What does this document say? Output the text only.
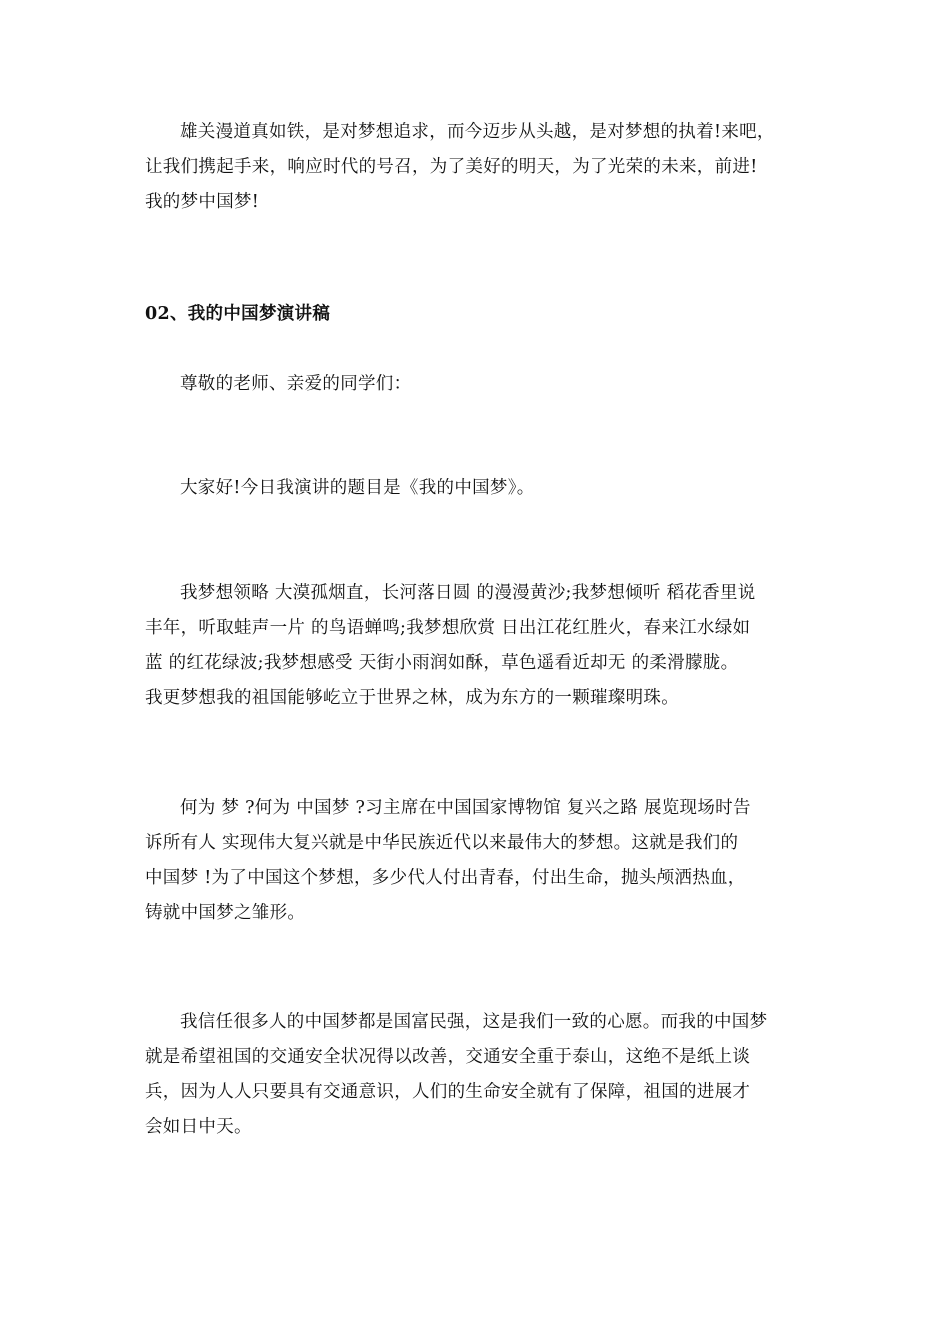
雄关漫道真如铁，是对梦想追求，而今迈步从头越，是对梦想的执着!来吧，
让我们携起手来，响应时代的号召，为了美好的明天，为了光荣的未来，前进!
我的梦中国梦!

02、我的中国梦演讲稿

尊敬的老师、亲爱的同学们：

大家好!今日我演讲的题目是《我的中国梦》。

我梦想领略 大漠孤烟直，长河落日圆 的漫漫黄沙;我梦想倾听 稻花香里说
丰年，听取蛙声一片 的鸟语蝉鸣;我梦想欣赏 日出江花红胜火，春来江水绿如
蓝 的红花绿波;我梦想感受 天街小雨润如酥，草色遥看近却无 的柔滑朦胧。
我更梦想我的祖国能够屹立于世界之林，成为东方的一颗璀璨明珠。

何为 梦 ?何为 中国梦 ?习主席在中国国家博物馆 复兴之路 展览现场时告
诉所有人 实现伟大复兴就是中华民族近代以来最伟大的梦想。这就是我们的
中国梦 !为了中国这个梦想，多少代人付出青春，付出生命，抛头颅洒热血，
铸就中国梦之雏形。

我信任很多人的中国梦都是国富民强，这是我们一致的心愿。而我的中国梦
就是希望祖国的交通安全状况得以改善，交通安全重于泰山，这绝不是纸上谈
兵，因为人人只要具有交通意识，人们的生命安全就有了保障，祖国的进展才
会如日中天。
